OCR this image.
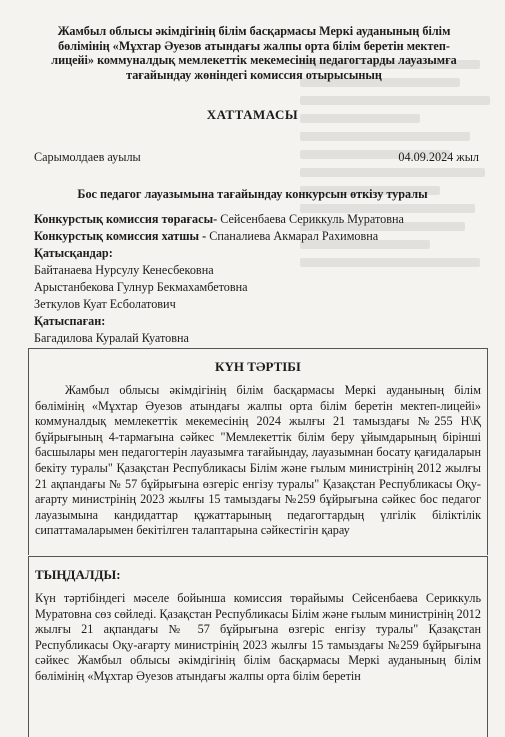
Жамбыл облысы әкімдігінің білім басқармасы Меркі ауданының білім
бөлімінің «Мұхтар Әуезов атындағы жалпы орта білім беретін мектеп-
лицейі» коммуналдық мемлекеттік мекемесінің педагогтарды лауазымға
тағайындау жөніндегі комиссия отырысының
ХАТТАМАСЫ
Сарымолдаев ауылы	04.09.2024 жыл
Бос педагог лауазымына тағайындау конкурсын өткізу туралы
Конкурстық комиссия төрағасы- Сейсенбаева Сериккуль Муратовна
Конкурстық комиссия хатшы - Спаналиева Акмарал Рахимовна
Қатысқандар:
Байтанаева Нурсулу Кенесбековна
Арыстанбекова Гулнур Бекмахамбетовна
Зеткулов Куат Есболатович
Қатыспаған:
Багадилова Куралай Куатовна
КҮН ТӘРТІБІ

Жамбыл облысы әкімдігінің білім басқармасы Меркі ауданының білім бөлімінің «Мұхтар Әуезов атындағы жалпы орта білім беретін мектеп-лицейі» коммуналдық мемлекеттік мекемесінің 2024 жылғы 21 тамыздағы №255 Н\Қ бұйрығының 4-тармағына сәйкес "Мемлекеттік білім беру ұйымдарының бірінші басшылары мен педагогтерін лауазымға тағайындау, лауазымнан босату қағидаларын бекіту туралы" Қазақстан Республикасы Білім және ғылым министрінің 2012 жылғы 21 ақпандағы № 57 бұйрығына өзгеріс енгізу туралы" Қазақстан Республикасы Оқу-ағарту министрінің 2023 жылғы 15 тамыздағы №259 бұйрығына сәйкес бос педагог лауазымына кандидаттар құжаттарының педагогтардың үлгілік біліктілік сипаттамаларымен бекітілген талаптарына сәйкестігін қарау

ТЫҢДАЛДЫ:

Күн тәртібіндегі мәселе бойынша комиссия төрайымы Сейсенбаева Сериккуль Муратовна сөз сөйледі. Қазақстан Республикасы Білім және ғылым министрінің 2012 жылғы 21 ақпандағы № 57 бұйрығына өзгеріс енгізу туралы" Қазақстан Республикасы Оқу-ағарту министрінің 2023 жылғы 15 тамыздағы №259 бұйрығына сәйкес Жамбыл облысы әкімдігінің білім басқармасы Меркі ауданының білім бөлімінің «Мұхтар Әуезов атындағы жалпы орта білім беретін
